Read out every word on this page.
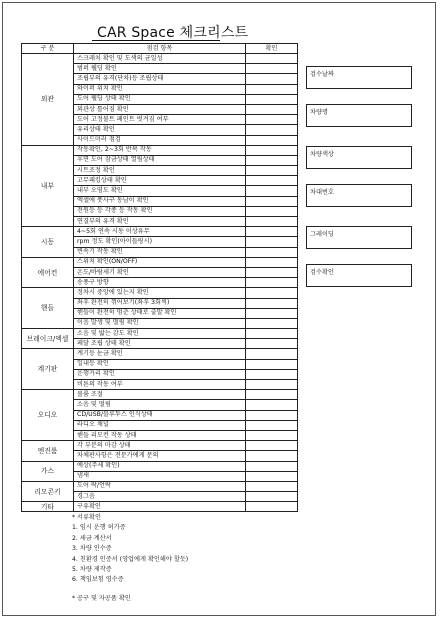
CAR Space 체크리스트
구 분	점검 항목	확인
외관	스크래치 확인 및 도색의 균일성	
	범퍼 웰딩 확인	
	조립부의 유격(단차)등 조립상태	
	와이퍼 위치 확인	
	도어 웰딩 상태 확인	
	외관상 틀어짐 확인	
	도어 고정볼트 페인트 벗겨짐 여부	
	유리상태 확인	
	사이드미러 점검	
내부	작동확인, 2~3회 반복 작동	
	후면 도어 잠금상태 열림상태	
	시트조정 확인	
	고무패킹상태 확인	
	내부 오염도 확인	
	엑셀에 풋사구 동남이 확인	
	전원등 등 각종 등 작동 확인	
	연결부의 유격 확인	
시동	4~5회 연속 시동 이상유무	
	rpm 정도 확인(아이들링시)	
	변속기 작동 확인	
에어컨	스위치 확인(ON/OFF)	
	온도/바람세기 확인	
	송풍구 방향	
핸들	정차시 중앙에 있는지 확인	
	좌우 완전히 꺾어보기(좌우 3회씩)	
	핸들이 완전히 멈춘 상태로 출발 확인	
	이음 발생 및 떨림 확인	
브레이크/엑셀	소음 및 밟는 감도 확인	
	페달 조립 상태 확인	
계기판	계기등 눈금 확인	
	일내등 확인	
	운행거리 확인	
	비튼의 작동 여부	
오디오	볼륨 조절	
	소음 및 떨림	
	CD/USB/블루투스 인식상태	
	라디오 채널	
	핸들 리모컨 작동 상태	
엔진룸	각 부분의 마감 상태	
	차체판사항은 전문가에게 문의	
가스	예상(주세 확인)	
	냄새	
리모콘키	도어 락/언락	
	경그음	
기타	구유확인	
검수날짜
차량명
차량색상
차대번호
그레이딩
검수확인
* 서류확인
1. 임시 운행 허가증
2. 세금 계산서
3. 차량 인수증
4. 친환경 인증서 (영업에게 확인해야 할듯)
5. 차량 제작증
6. 책임보험 영수증
* 공구 및 자공품 확인
